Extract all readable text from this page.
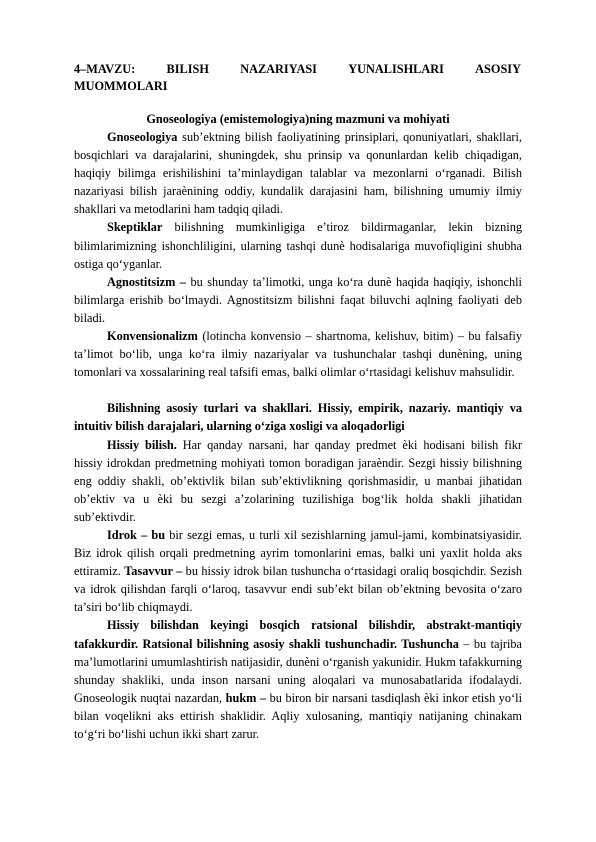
4–MAVZU:	BILISH	NAZARIYASI	YUNALISHLARI	ASOSIY
MUOMMOLARI
Gnoseologiya (emistemologiya)ning mazmuni va mohiyati

Gnoseologiya sub’ektning bilish faoliyatining prinsiplari, qonuniyatlari, shakllari, bosqichlari va darajalarini, shuningdek, shu prinsip va qonunlardan kelib chiqadigan, haqiqiy bilimga erishilishini ta’minlaydigan talablar va mezonlarni o‘rganadi. Bilish nazariyasi bilish jaraѐnining oddiy, kundalik darajasini ham, bilishning umumiy ilmiy shakllari va metodlarini ham tadqiq qiladi.

Skeptiklar bilishning mumkinligiga e’tiroz bildirmaganlar, lekin bizning bilimlarimizning ishonchliligini, ularning tashqi dunѐ hodisalariga muvofiqligini shubha ostiga qo‘yganlar.

Agnostitsizm – bu shunday ta’limotki, unga ko‘ra dunѐ haqida haqiqiy, ishonchli bilimlarga erishib bo‘lmaydi. Agnostitsizm bilishni faqat biluvchi aqlning faoliyati deb biladi.

Konvensionalizm (lotincha konvensio – shartnoma, kelishuv, bitim) – bu falsafiy ta’limot bo‘lib, unga ko‘ra ilmiy nazariyalar va tushunchalar tashqi dunѐning, uning tomonlari va xossalarining real tafsifi emas, balki olimlar o‘rtasidagi kelishuv mahsulidir.

Bilishning asosiy turlari va shakllari. Hissiy, empirik, nazariy. mantiqiy va intuitiv bilish darajalari, ularning o‘ziga xosligi va aloqadorligi

Hissiy bilish. Har qanday narsani, har qanday predmet ѐki hodisani bilish fikr hissiy idrokdan predmetning mohiyati tomon boradigan jaraѐndir. Sezgi hissiy bilishning eng oddiy shakli, ob’ektivlik bilan sub’ektivlikning qorishmasidir, u manbai jihatidan ob’ektiv va u ѐki bu sezgi a’zolarining tuzilishiga bog‘lik holda shakli jihatidan sub’ektivdir.

Idrok – bu bir sezgi emas, u turli xil sezishlarning jamul-jami, kombinatsiyasidir. Biz idrok qilish orqali predmetning ayrim tomonlarini emas, balki uni yaxlit holda aks ettiramiz. Tasavvur – bu hissiy idrok bilan tushuncha o‘rtasidagi oraliq bosqichdir. Sezish va idrok qilishdan farqli o‘laroq, tasavvur endi sub’ekt bilan ob’ektning bevosita o‘zaro ta’siri bo‘lib chiqmaydi.

Hissiy bilishdan keyingi bosqich ratsional bilishdir, abstrakt-mantiqiy tafakkurdir. Ratsional bilishning asosiy shakli tushunchadir. Tushuncha – bu tajriba ma’lumotlarini umumlashtirish natijasidir, dunѐni o‘rganish yakunidir. Hukm tafakkurning shunday shakliki, unda inson narsani uning aloqalari va munosabatlarida ifodalaydi. Gnoseologik nuqtai nazardan, hukm – bu biron bir narsani tasdiqlash ѐki inkor etish yo‘li bilan voqelikni aks ettirish shaklidir. Aqliy xulosaning, mantiqiy natijaning chinakam to‘g‘ri bo‘lishi uchun ikki shart zarur.
